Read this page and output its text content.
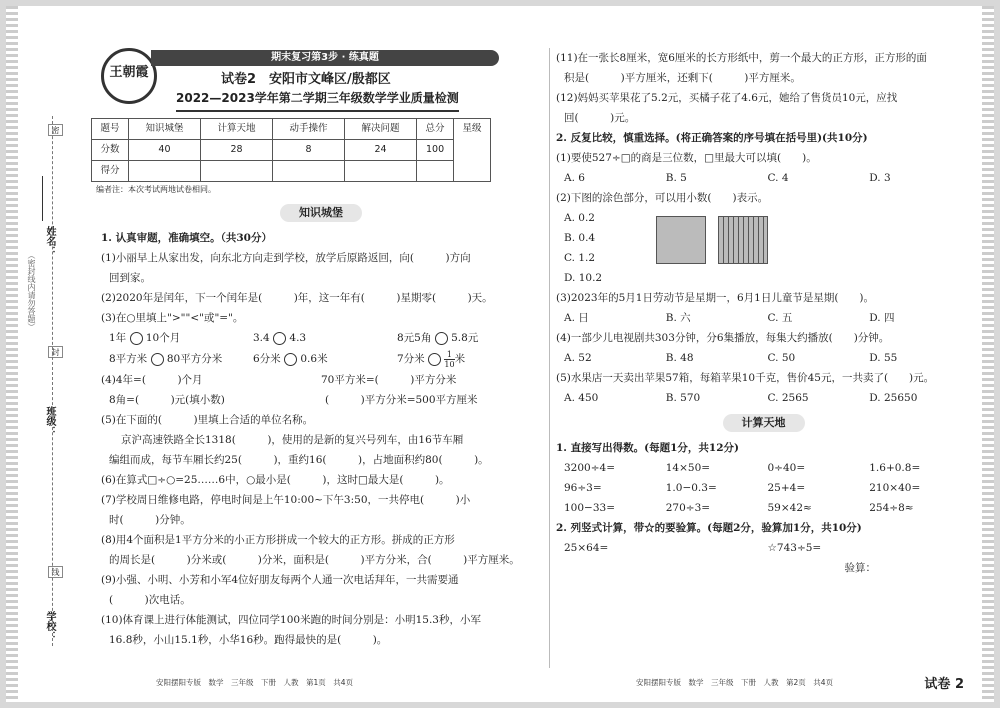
姓名：
（密封线内请勿答题）
密
封
班级：
线
学校：
王朝霞
期末复习第3步 · 练真题
试卷2　安阳市文峰区/殷都区
2022—2023学年第二学期三年级数学学业质量检测
题号	知识城堡	计算天地	动手操作	解决问题	总分	星级
分数	40	28	8	24	100	
得分						
编者注：本次考试两地试卷相同。
知识城堡
1. 认真审题，准确填空。（共30分）
(1)小丽早上从家出发，向东北方向走到学校，放学后原路返回，向(　　　)方向
回到家。
(2)2020年是闰年，下一个闰年是(　　　)年，这一年有(　　　)星期零(　　　)天。
(3)在○里填上">""<"或"="。
1年 10个月	3.4 4.3	8元5角 5.8元
8平方米 80平方分米	6分米 0.6米	7分米 $\frac{1}{10}$米
(4)4年=(　　　)个月	70平方米=(　　　)平方分米
8角=(　　　)元(填小数)	(　　　)平方分米=500平方厘米
(5)在下面的(　　　)里填上合适的单位名称。
京沪高速铁路全长1318(　　　)，使用的是新的复兴号列车，由16节车厢
编组而成，每节车厢长约25(　　　)，重约16(　　　)，占地面积约80(　　　)。
(6)在算式□÷○=25……6中，○最小是(　　　)，这时□最大是(　　　)。
(7)学校周日维修电路，停电时间是上午10:00~下午3:50，一共停电(　　　)小
时(　　　)分钟。
(8)用4个面积是1平方分米的小正方形拼成一个较大的正方形。拼成的正方形
的周长是(　　　)分米或(　　　)分米，面积是(　　　)平方分米，合(　　　)平方厘米。
(9)小强、小明、小芳和小军4位好朋友每两个人通一次电话拜年，一共需要通
(　　　)次电话。
(10)体育课上进行体能测试，四位同学100米跑的时间分别是：小明15.3秒，小军
16.8秒，小山15.1秒，小华16秒。跑得最快的是(　　　)。
安阳摆阳专版　数学　三年级　下册　人教　第1页　共4页
(11)在一张长8厘米，宽6厘米的长方形纸中，剪一个最大的正方形，正方形的面
积是(　　　)平方厘米，还剩下(　　　)平方厘米。
(12)妈妈买苹果花了5.2元，买橘子花了4.6元，她给了售货员10元，应找
回(　　　)元。
2. 反复比较，慎重选择。(将正确答案的序号填在括号里)(共10分)
(1)要使527÷□的商是三位数，□里最大可以填(　　)。
A. 6	B. 5	C. 4	D. 3
(2)下图的涂色部分，可以用小数(　　)表示。
A. 0.2
B. 0.4
C. 1.2
D. 10.2
(3)2023年的5月1日劳动节是星期一，6月1日儿童节是星期(　　)。
A. 日	B. 六	C. 五	D. 四
(4)一部少儿电视剧共303分钟，分6集播放，每集大约播放(　　)分钟。
A. 52	B. 48	C. 50	D. 55
(5)水果店一天卖出苹果57箱，每箱苹果10千克，售价45元，一共卖了(　　)元。
A. 450	B. 570	C. 2565	D. 25650
计算天地
1. 直接写出得数。(每题1分，共12分)
3200÷4=	14×50=	0÷40=	1.6+0.8=
96÷3=	1.0−0.3=	25+4=	210×40=
100−33=	270÷3=	59×42≈	254÷8≈
2. 列竖式计算，带☆的要验算。(每题2分，验算加1分，共10分)
25×64=	☆743÷5=
验算：
安阳摆阳专版　数学　三年级　下册　人教　第2页　共4页	试卷 2
